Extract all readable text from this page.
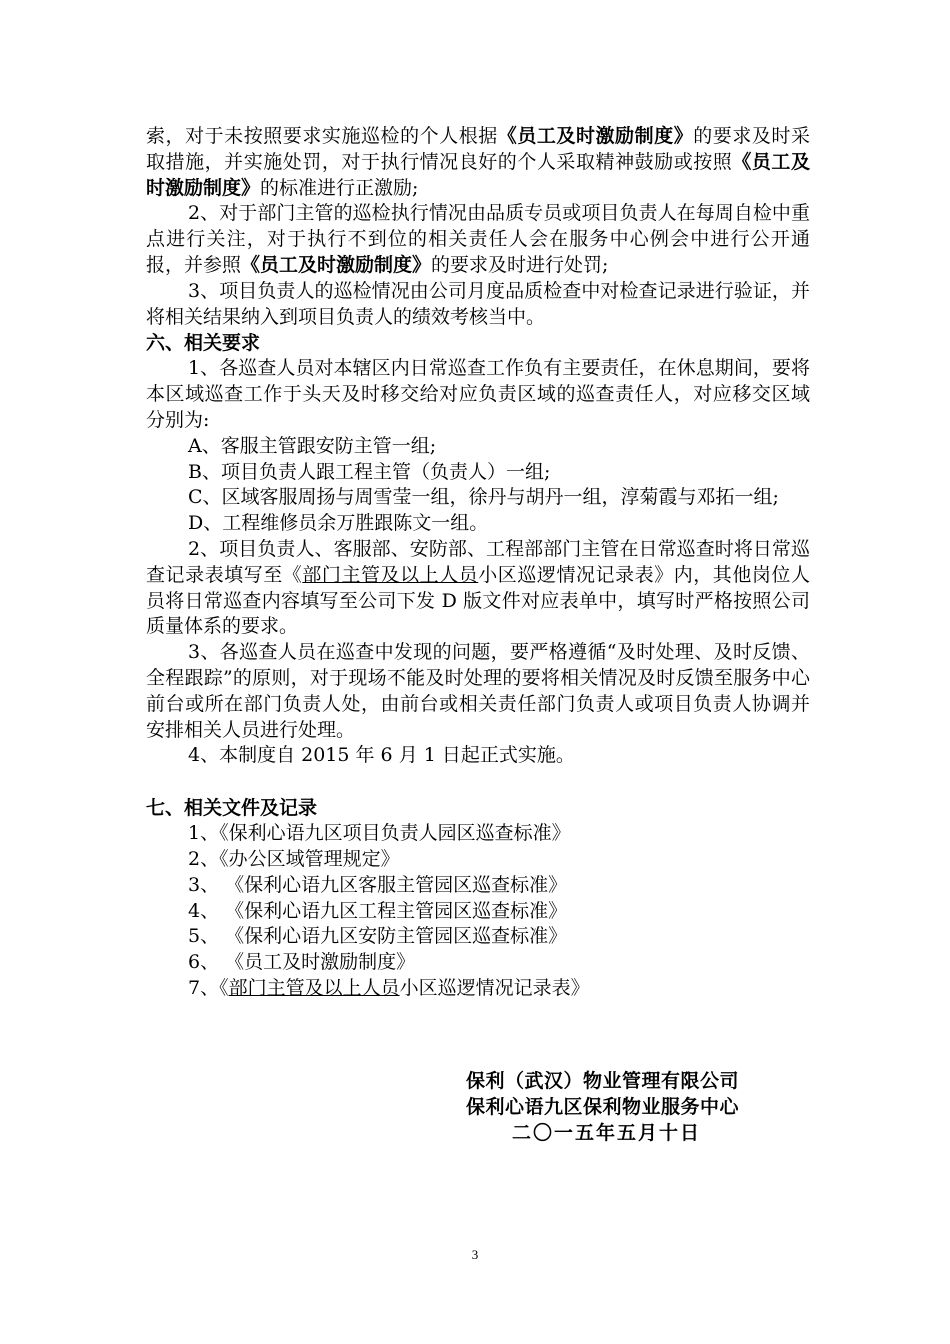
索，对于未按照要求实施巡检的个人根据《员工及时激励制度》的要求及时采取措施，并实施处罚，对于执行情况良好的个人采取精神鼓励或按照《员工及时激励制度》的标准进行正激励;

2、对于部门主管的巡检执行情况由品质专员或项目负责人在每周自检中重点进行关注，对于执行不到位的相关责任人会在服务中心例会中进行公开通报，并参照《员工及时激励制度》的要求及时进行处罚;

3、项目负责人的巡检情况由公司月度品质检查中对检查记录进行验证，并将相关结果纳入到项目负责人的绩效考核当中。

六、相关要求

1、各巡查人员对本辖区内日常巡查工作负有主要责任，在休息期间，要将本区域巡查工作于头天及时移交给对应负责区域的巡查责任人，对应移交区域分别为:

A、客服主管跟安防主管一组;

B、项目负责人跟工程主管（负责人）一组;

C、区域客服周扬与周雪莹一组，徐丹与胡丹一组，淳菊霞与邓拓一组;

D、工程维修员余万胜跟陈文一组。

2、项目负责人、客服部、安防部、工程部部门主管在日常巡查时将日常巡查记录表填写至《部门主管及以上人员小区巡逻情况记录表》内，其他岗位人员将日常巡查内容填写至公司下发 D 版文件对应表单中，填写时严格按照公司质量体系的要求。

3、各巡查人员在巡查中发现的问题，要严格遵循“及时处理、及时反馈、全程跟踪”的原则，对于现场不能及时处理的要将相关情况及时反馈至服务中心前台或所在部门负责人处，由前台或相关责任部门负责人或项目负责人协调并安排相关人员进行处理。

4、本制度自 2015 年 6 月 1 日起正式实施。

七、相关文件及记录

1、《保利心语九区项目负责人园区巡查标准》

2、《办公区域管理规定》

3、 《保利心语九区客服主管园区巡查标准》

4、 《保利心语九区工程主管园区巡查标准》

5、 《保利心语九区安防主管园区巡查标准》

6、 《员工及时激励制度》

7、《部门主管及以上人员小区巡逻情况记录表》

保利（武汉）物业管理有限公司
保利心语九区保利物业服务中心
二〇一五年五月十日
3
